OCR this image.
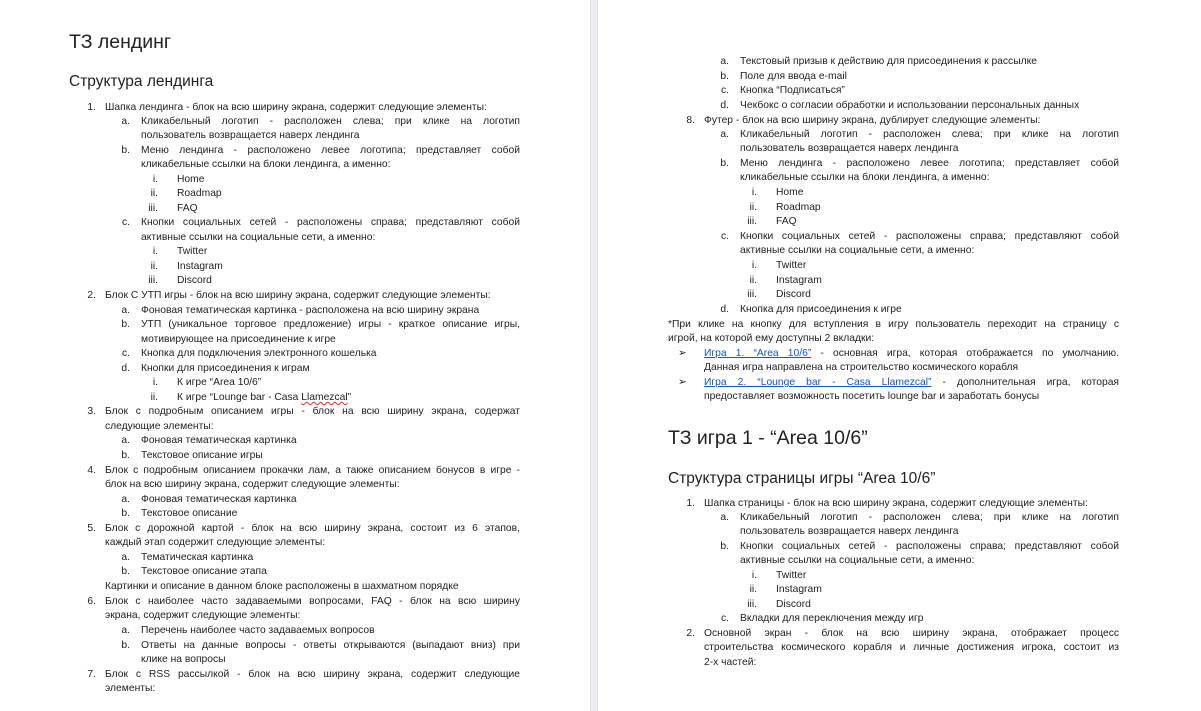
ТЗ лендинг
Структура лендинга
1. Шапка лендинга - блок на всю ширину экрана, содержит следующие элементы:
a. Кликабельный логотип - расположен слева; при клике на логотип
пользователь возвращается наверх лендинга
b. Меню лендинга - расположено левее логотипа; представляет собой
кликабельные ссылки на блоки лендинга, а именно:
i. Home
ii. Roadmap
iii. FAQ
c. Кнопки социальных сетей - расположены справа; представляют собой
активные ссылки на социальные сети, а именно:
i. Twitter
ii. Instagram
iii. Discord
2. Блок С УТП игры - блок на всю ширину экрана, содержит следующие элементы:
a. Фоновая тематическая картинка - расположена на всю ширину экрана
b. УТП (уникальное торговое предложение) игры - краткое описание игры,
мотивирующее на присоединение к игре
c. Кнопка для подключения электронного кошелька
d. Кнопки для присоединения к играм
i. К игре “Area 10/6”
ii. К игре “Lounge bar - Casa Llamezcal”
3. Блок с подробным описанием игры - блок на всю ширину экрана, содержат
следующие элементы:
a. Фоновая тематическая картинка
b. Текстовое описание игры
4. Блок с подробным описанием прокачки лам, а также описанием бонусов в игре -
блок на всю ширину экрана, содержит следующие элементы:
a. Фоновая тематическая картинка
b. Текстовое описание
5. Блок с дорожной картой - блок на всю ширину экрана, состоит из 6 этапов,
каждый этап содержит следующие элементы:
a. Тематическая картинка
b. Текстовое описание этапа
Картинки и описание в данном блоке расположены в шахматном порядке
6. Блок с наиболее часто задаваемыми вопросами, FAQ - блок на всю ширину
экрана, содержит следующие элементы:
a. Перечень наиболее часто задаваемых вопросов
b. Ответы на данные вопросы - ответы открываются (выпадают вниз) при
клике на вопросы
7. Блок с RSS рассылкой - блок на всю ширину экрана, содержит следующие
элементы:
a. Текстовый призыв к действию для присоединения к рассылке
b. Поле для ввода e-mail
c. Кнопка “Подписаться”
d. Чекбокс о согласии обработки и использовании персональных данных
8. Футер - блок на всю ширину экрана, дублирует следующие элементы:
a. Кликабельный логотип - расположен слева; при клике на логотип
пользователь возвращается наверх лендинга
b. Меню лендинга - расположено левее логотипа; представляет собой
кликабельные ссылки на блоки лендинга, а именно:
i. Home
ii. Roadmap
iii. FAQ
c. Кнопки социальных сетей - расположены справа; представляют собой
активные ссылки на социальные сети, а именно:
i. Twitter
ii. Instagram
iii. Discord
d. Кнопка для присоединения к игре
*При клике на кнопку для вступления в игру пользователь переходит на страницу с
игрой, на которой ему доступны 2 вкладки:
➢	Игра 1. “Area 10/6” - основная игра, которая отображается по умолчанию.
Данная игра направлена на строительство космического корабля
➢	Игра 2. “Lounge bar - Casa Llamezcal” - дополнительная игра, которая
предоставляет возможность посетить lounge bar и заработать бонусы
ТЗ игра 1 - “Area 10/6”
Структура страницы игры “Area 10/6”
1. Шапка страницы - блок на всю ширину экрана, содержит следующие элементы:
a. Кликабельный логотип - расположен слева; при клике на логотип
пользователь возвращается наверх лендинга
b. Кнопки социальных сетей - расположены справа; представляют собой
активные ссылки на социальные сети, а именно:
i. Twitter
ii. Instagram
iii. Discord
c. Вкладки для переключения между игр
2. Основной экран - блок на всю ширину экрана, отображает процесс
строительства космического корабля и личные достижения игрока, состоит из
2-х частей:
